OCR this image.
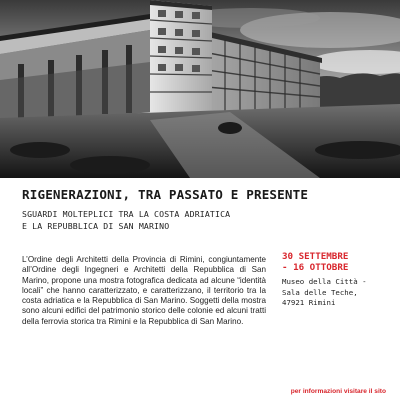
RIGENERAZIONI, TRA PASSATO E PRESENTE
SGUARDI MOLTEPLICI TRA LA COSTA ADRIATICA
E LA REPUBBLICA DI SAN MARINO

L’Ordine degli Architetti della Provincia di Rimini, congiuntamente all’Ordine degli Ingegneri e Architetti della Repubblica di San Marino, propone una mostra fotografica dedicata ad alcune “identità locali” che hanno caratterizzato, e caratterizzano, il territorio tra la costa adriatica e la Repubblica di San Marino. Soggetti della mostra sono alcuni edifici del patrimonio storico delle colonie ed alcuni tratti della ferrovia storica tra Rimini e la Repubblica di San Marino.

30 SETTEMBRE
- 16 OTTOBRE
Museo della Città -
Sala delle Teche,
47921 Rimini
per informazioni visitare il sito
